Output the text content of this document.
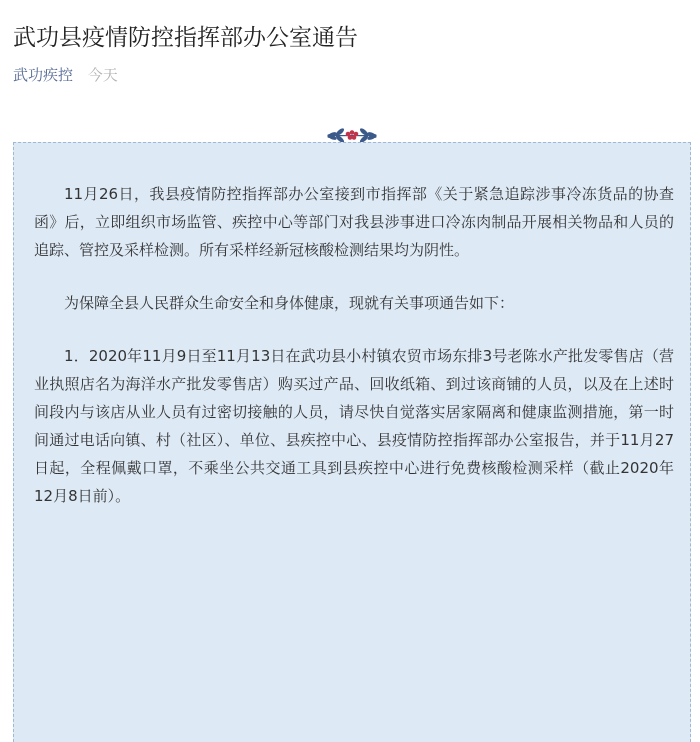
武功县疫情防控指挥部办公室通告
武功疾控 今天

11月26日，我县疫情防控指挥部办公室接到市指挥部《关于紧急追踪涉事冷冻货品的协查函》后，立即组织市场监管、疾控中心等部门对我县涉事进口冷冻肉制品开展相关物品和人员的追踪、管控及采样检测。所有采样经新冠核酸检测结果均为阴性。

为保障全县人民群众生命安全和身体健康，现就有关事项通告如下：

1．2020年11月9日至11月13日在武功县小村镇农贸市场东排3号老陈水产批发零售店（营业执照店名为海洋水产批发零售店）购买过产品、回收纸箱、到过该商铺的人员，以及在上述时间段内与该店从业人员有过密切接触的人员，请尽快自觉落实居家隔离和健康监测措施，第一时间通过电话向镇、村（社区）、单位、县疾控中心、县疫情防控指挥部办公室报告，并于11月27日起，全程佩戴口罩，不乘坐公共交通工具到县疾控中心进行免费核酸检测采样（截止2020年12月8日前）。
